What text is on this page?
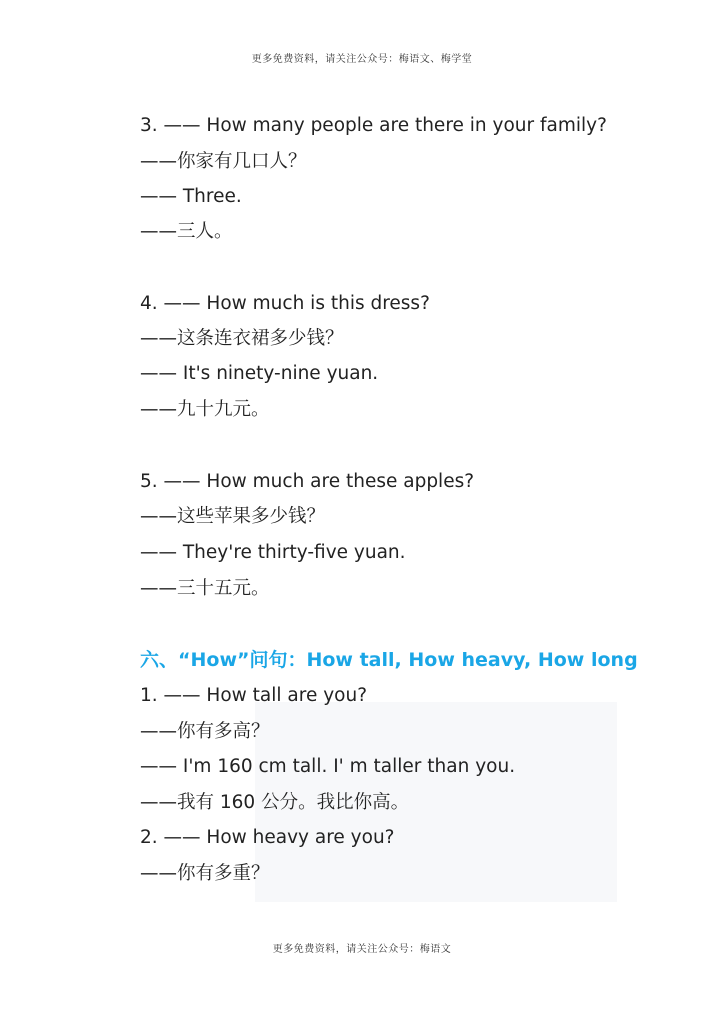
更多免费资料，请关注公众号：梅语文、梅学堂
3. —— How many people are there in your family?
——你家有几口人？
—— Three.
——三人。
4. —— How much is this dress?
——这条连衣裙多少钱？
—— It's ninety-nine yuan.
——九十九元。
5. —— How much are these apples?
——这些苹果多少钱？
—— They're thirty-five yuan.
——三十五元。
六、“How”问句：How tall, How heavy, How long
1. —— How tall are you?
——你有多高？
—— I'm 160 cm tall. I' m taller than you.
——我有 160 公分。我比你高。
2. —— How heavy are you?
——你有多重？
更多免费资料，请关注公众号：梅语文
